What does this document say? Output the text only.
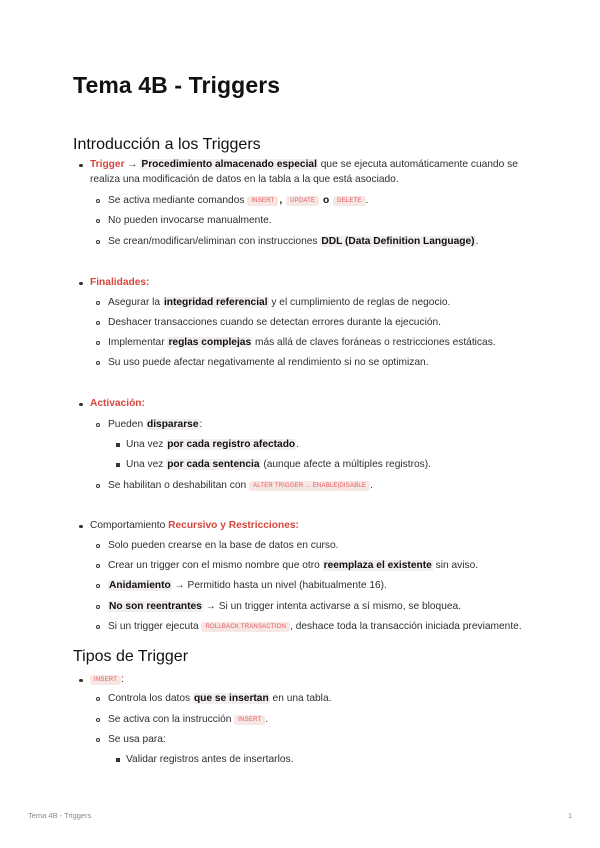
Tema 4B - Triggers
Introducción a los Triggers
Trigger → Procedimiento almacenado especial que se ejecuta automáticamente cuando se
realiza una modificación de datos en la tabla a la que está asociado.
Se activa mediante comandos INSERT , UPDATE o DELETE .
No pueden invocarse manualmente.
Se crean/modifican/eliminan con instrucciones DDL (Data Definition Language).
Finalidades:
Asegurar la integridad referencial y el cumplimiento de reglas de negocio.
Deshacer transacciones cuando se detectan errores durante la ejecución.
Implementar reglas complejas más allá de claves foráneas o restricciones estáticas.
Su uso puede afectar negativamente al rendimiento si no se optimizan.
Activación:
Pueden dispararse:
Una vez por cada registro afectado.
Una vez por cada sentencia (aunque afecte a múltiples registros).
Se habilitan o deshabilitan con ALTER TRIGGER ... ENABLE|DISABLE .
Comportamiento Recursivo y Restricciones:
Solo pueden crearse en la base de datos en curso.
Crear un trigger con el mismo nombre que otro reemplaza el existente sin aviso.
Anidamiento → Permitido hasta un nivel (habitualmente 16).
No son reentrantes → Si un trigger intenta activarse a sí mismo, se bloquea.
Si un trigger ejecuta ROLLBACK TRANSACTION , deshace toda la transacción iniciada previamente.
Tipos de Trigger
INSERT :
Controla los datos que se insertan en una tabla.
Se activa con la instrucción INSERT .
Se usa para:
Validar registros antes de insertarlos.
Tema 4B - Triggers	1
